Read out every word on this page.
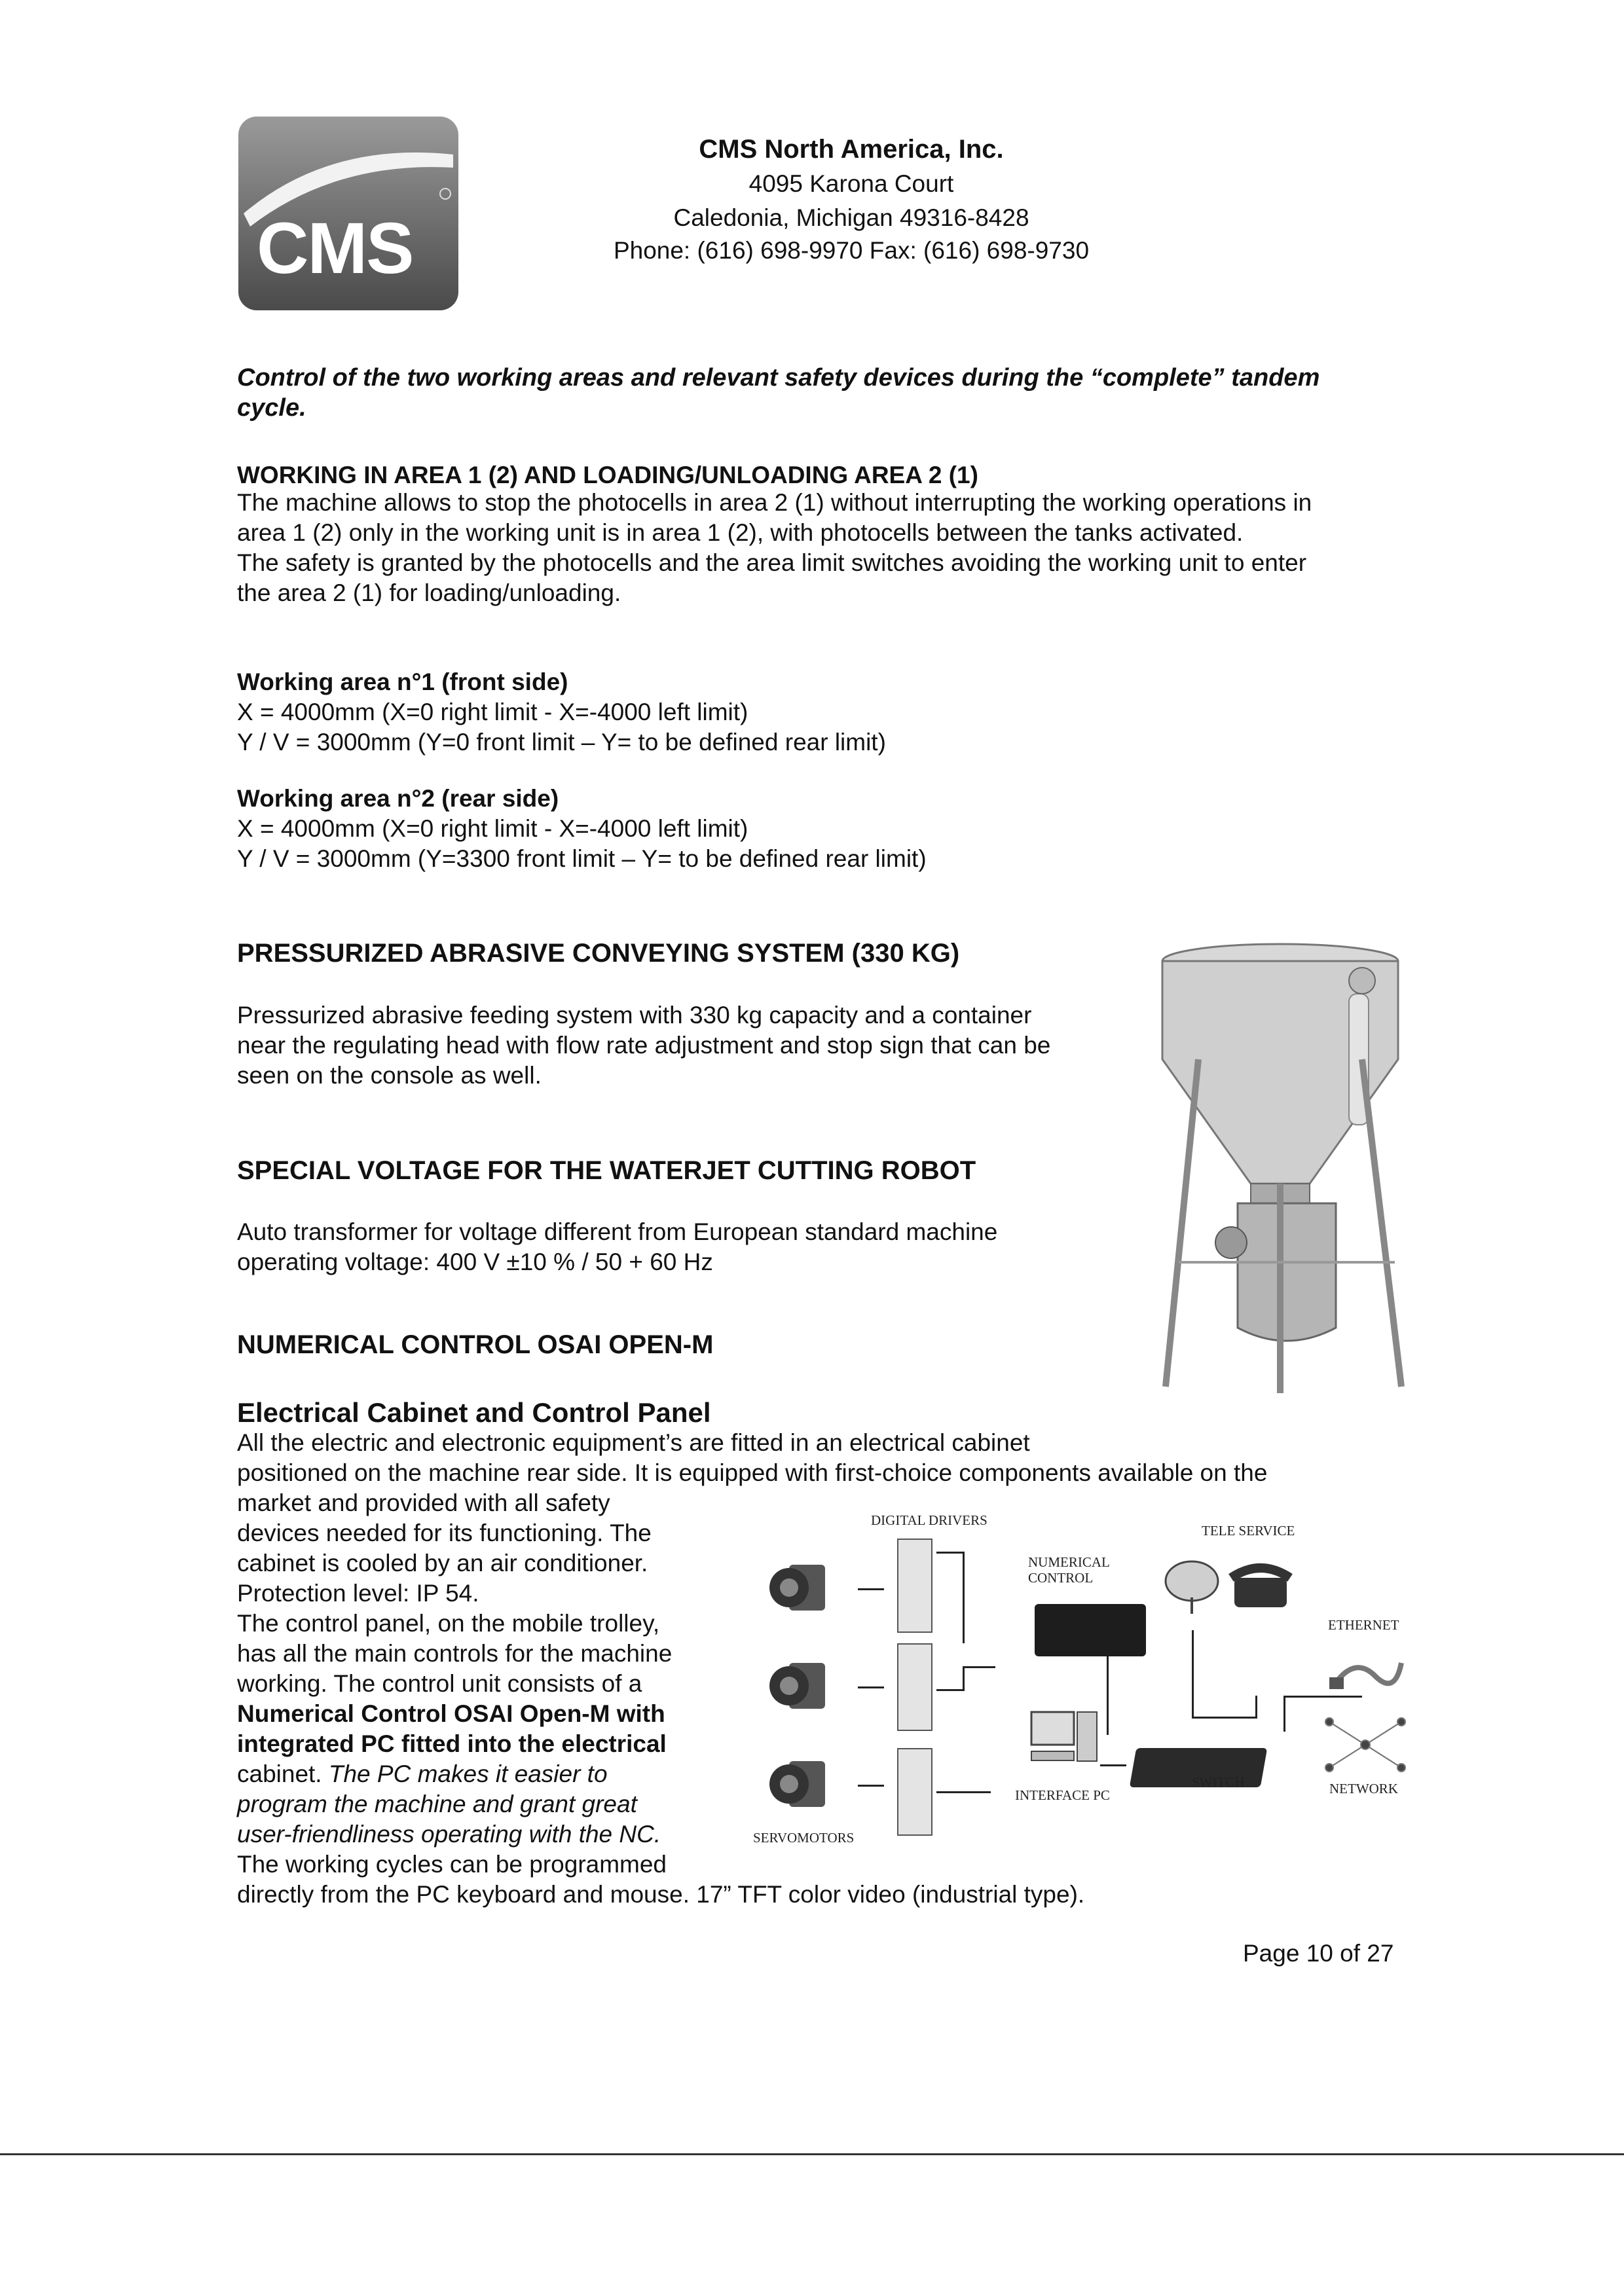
CMS
CMS North America, Inc.
4095 Karona Court
Caledonia, Michigan 49316-8428
Phone: (616) 698-9970 Fax: (616) 698-9730
Control of the two working areas and relevant safety devices during the “complete” tandem
cycle.
WORKING IN AREA 1 (2) AND LOADING/UNLOADING AREA 2 (1)
The machine allows to stop the photocells in area 2 (1) without interrupting the working operations in
area 1 (2) only in the working unit is in area 1 (2), with photocells between the tanks activated.
The safety is granted by the photocells and the area limit switches avoiding the working unit to enter
the area 2 (1) for loading/unloading.
Working area n°1 (front side)
X = 4000mm (X=0 right limit - X=-4000 left limit)
Y / V = 3000mm (Y=0 front limit – Y= to be defined rear limit)
Working area n°2 (rear side)
X = 4000mm (X=0 right limit - X=-4000 left limit)
Y / V = 3000mm (Y=3300 front limit – Y= to be defined rear limit)
PRESSURIZED ABRASIVE CONVEYING SYSTEM (330 KG)
Pressurized abrasive feeding system with 330 kg capacity and a container
near the regulating head with flow rate adjustment and stop sign that can be
seen on the console as well.
SPECIAL VOLTAGE FOR THE WATERJET CUTTING ROBOT
Auto transformer for voltage different from European standard machine
operating voltage: 400 V ±10 % / 50 + 60 Hz
NUMERICAL CONTROL OSAI OPEN-M
Electrical Cabinet and Control Panel
All the electric and electronic equipment’s are fitted in an electrical cabinet
positioned on the machine rear side. It is equipped with first-choice components available on the
market and provided with all safety
devices needed for its functioning. The
cabinet is cooled by an air conditioner.
Protection level: IP 54.
The control panel, on the mobile trolley,
has all the main controls for the machine
working. The control unit consists of a
Numerical Control OSAI Open-M with
integrated PC fitted into the electrical
cabinet. The PC makes it easier to
program the machine and grant great
user-friendliness operating with the NC.
The working cycles can be programmed
directly from the PC keyboard and mouse. 17” TFT color video (industrial type).
DIGITAL DRIVERS
NUMERICAL
CONTROL
TELE SERVICE
ETHERNET
NETWORK
INTERFACE PC
SWITCH
SERVOMOTORS
Page 10 of 27
